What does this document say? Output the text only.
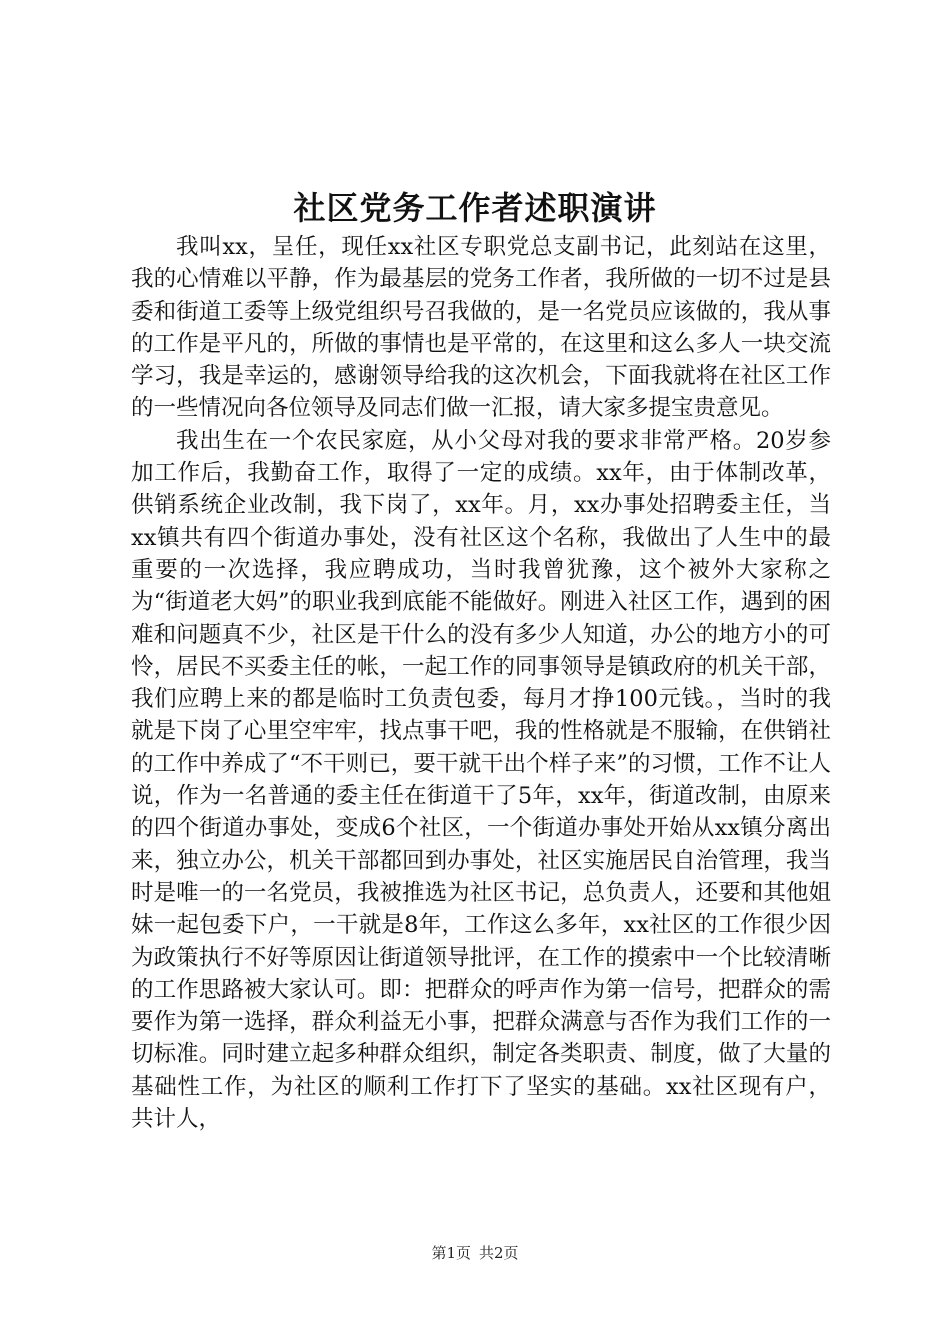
社区党务工作者述职演讲

我叫xx，呈任，现任xx社区专职党总支副书记，此刻站在这里，我的心情难以平静，作为最基层的党务工作者，我所做的一切不过是县委和街道工委等上级党组织号召我做的，是一名党员应该做的，我从事的工作是平凡的，所做的事情也是平常的，在这里和这么多人一块交流学习，我是幸运的，感谢领导给我的这次机会，下面我就将在社区工作的一些情况向各位领导及同志们做一汇报，请大家多提宝贵意见。

我出生在一个农民家庭，从小父母对我的要求非常严格。20岁参加工作后，我勤奋工作，取得了一定的成绩。xx年，由于体制改革，供销系统企业改制，我下岗了，xx年。月，xx办事处招聘委主任，当xx镇共有四个街道办事处，没有社区这个名称，我做出了人生中的最重要的一次选择，我应聘成功，当时我曾犹豫，这个被外大家称之为“街道老大妈”的职业我到底能不能做好。刚进入社区工作，遇到的困难和问题真不少，社区是干什么的没有多少人知道，办公的地方小的可怜，居民不买委主任的帐，一起工作的同事领导是镇政府的机关干部，我们应聘上来的都是临时工负责包委，每月才挣100元钱。，当时的我就是下岗了心里空牢牢，找点事干吧，我的性格就是不服输，在供销社的工作中养成了“不干则已，要干就干出个样子来”的习惯，工作不让人说，作为一名普通的委主任在街道干了5年，xx年，街道改制，由原来的四个街道办事处，变成6个社区，一个街道办事处开始从xx镇分离出来，独立办公，机关干部都回到办事处，社区实施居民自治管理，我当时是唯一的一名党员，我被推选为社区书记，总负责人，还要和其他姐妹一起包委下户，一干就是8年，工作这么多年，xx社区的工作很少因为政策执行不好等原因让街道领导批评，在工作的摸索中一个比较清晰的工作思路被大家认可。即：把群众的呼声作为第一信号，把群众的需要作为第一选择，群众利益无小事，把群众满意与否作为我们工作的一切标准。同时建立起多种群众组织，制定各类职责、制度，做了大量的基础性工作，为社区的顺利工作打下了坚实的基础。xx社区现有户，共计人，

第1页 共2页
